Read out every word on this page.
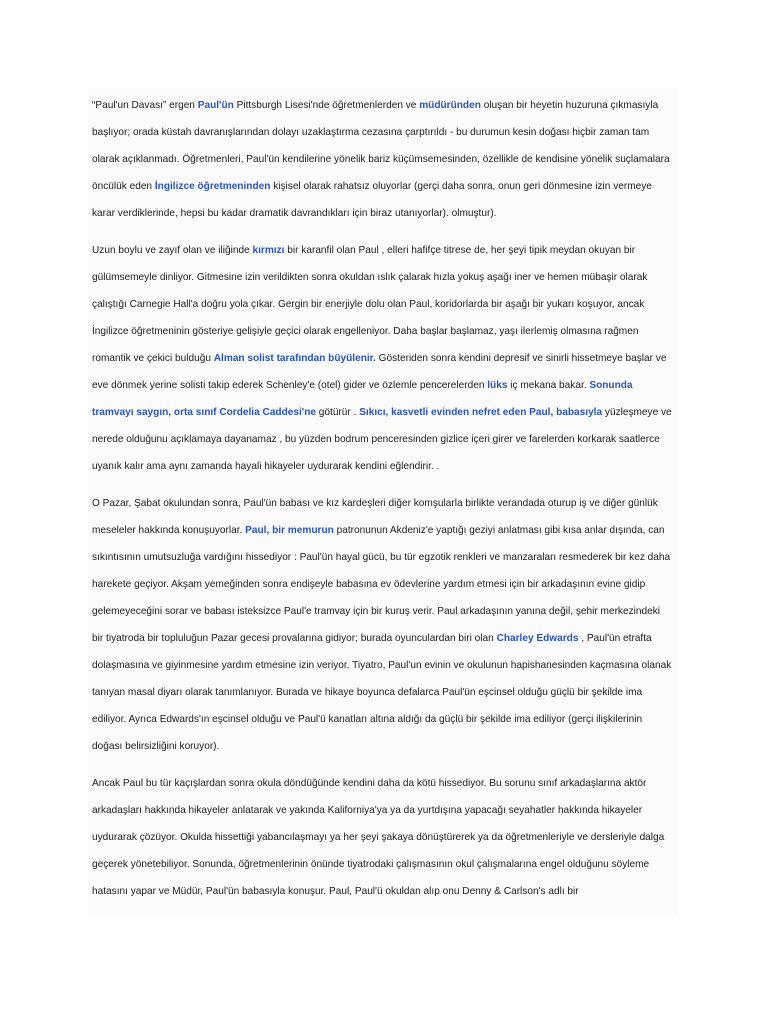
“Paul'un Davası” ergen Paul'ün Pittsburgh Lisesi'nde öğretmenlerden ve müdüründen oluşan bir heyetin huzuruna çıkmasıyla başlıyor; orada küstah davranışlarından dolayı uzaklaştırma cezasına çarptırıldı - bu durumun kesin doğası hiçbir zaman tam olarak açıklanmadı. Öğretmenleri, Paul'ün kendilerine yönelik bariz küçümsemesinden, özellikle de kendisine yönelik suçlamalara öncülük eden İngilizce öğretmeninden kişisel olarak rahatsız oluyorlar (gerçi daha sonra, onun geri dönmesine izin vermeye karar verdiklerinde, hepsi bu kadar dramatik davrandıkları için biraz utanıyorlar). olmuştur).

Uzun boylu ve zayıf olan ve iliğinde kırmızı bir karanfil olan Paul , elleri hafifçe titrese de, her şeyi tipik meydan okuyan bir gülümsemeyle dinliyor. Gitmesine izin verildikten sonra okuldan ıslık çalarak hızla yokuş aşağı iner ve hemen mübaşir olarak çalıştığı Carnegie Hall'a doğru yola çıkar. Gergin bir enerjiyle dolu olan Paul, koridorlarda bir aşağı bir yukarı koşuyor, ancak İngilizce öğretmeninin gösteriye gelişiyle geçici olarak engelleniyor. Daha başlar başlamaz, yaşı ilerlemiş olmasına rağmen romantik ve çekici bulduğu Alman solist tarafından büyülenir. Gösteriden sonra kendini depresif ve sinirli hissetmeye başlar ve eve dönmek yerine solisti takip ederek Schenley'e (otel) gider ve özlemle pencerelerden lüks iç mekana bakar. Sonunda tramvayı saygın, orta sınıf Cordelia Caddesi'ne götürür . Sıkıcı, kasvetli evinden nefret eden Paul, babasıyla yüzleşmeye ve nerede olduğunu açıklamaya dayanamaz , bu yüzden bodrum penceresinden gizlice içeri girer ve farelerden korkarak saatlerce uyanık kalır ama aynı zamanda hayali hikayeler uydurarak kendini eğlendirir. .

O Pazar, Şabat okulundan sonra, Paul'ün babası ve kız kardeşleri diğer komşularla birlikte verandada oturup iş ve diğer günlük meseleler hakkında konuşuyorlar. Paul, bir memurun patronunun Akdeniz'e yaptığı geziyi anlatması gibi kısa anlar dışında, can sıkıntısının umutsuzluğa vardığını hissediyor : Paul'ün hayal gücü, bu tür egzotik renkleri ve manzaraları resmederek bir kez daha harekete geçiyor. Akşam yemeğinden sonra endişeyle babasına ev ödevlerine yardım etmesi için bir arkadaşının evine gidip gelemeyeceğini sorar ve babası isteksizce Paul'e tramvay için bir kuruş verir. Paul arkadaşının yanına değil, şehir merkezindeki bir tiyatroda bir topluluğun Pazar gecesi provalarına gidiyor; burada oyunculardan biri olan Charley Edwards , Paul'ün etrafta dolaşmasına ve giyinmesine yardım etmesine izin veriyor. Tiyatro, Paul'un evinin ve okulunun hapishanesinden kaçmasına olanak tanıyan masal diyarı olarak tanımlanıyor. Burada ve hikaye boyunca defalarca Paul'ün eşcinsel olduğu güçlü bir şekilde ima ediliyor. Ayrıca Edwards'ın eşcinsel olduğu ve Paul'ü kanatları altına aldığı da güçlü bir şekilde ima ediliyor (gerçi ilişkilerinin doğası belirsizliğini koruyor).

Ancak Paul bu tür kaçışlardan sonra okula döndüğünde kendini daha da kötü hissediyor. Bu sorunu sınıf arkadaşlarına aktör arkadaşları hakkında hikayeler anlatarak ve yakında Kaliforniya'ya ya da yurtdışına yapacağı seyahatler hakkında hikayeler uydurarak çözüyor. Okulda hissettiği yabancılaşmayı ya her şeyi şakaya dönüştürerek ya da öğretmenleriyle ve dersleriyle dalga geçerek yönetebiliyor. Sonunda, öğretmenlerinin önünde tiyatrodaki çalışmasının okul çalışmalarına engel olduğunu söyleme hatasını yapar ve Müdür, Paul'ün babasıyla konuşur. Paul, Paul'ü okuldan alıp onu Denny & Carlson's adlı bir
